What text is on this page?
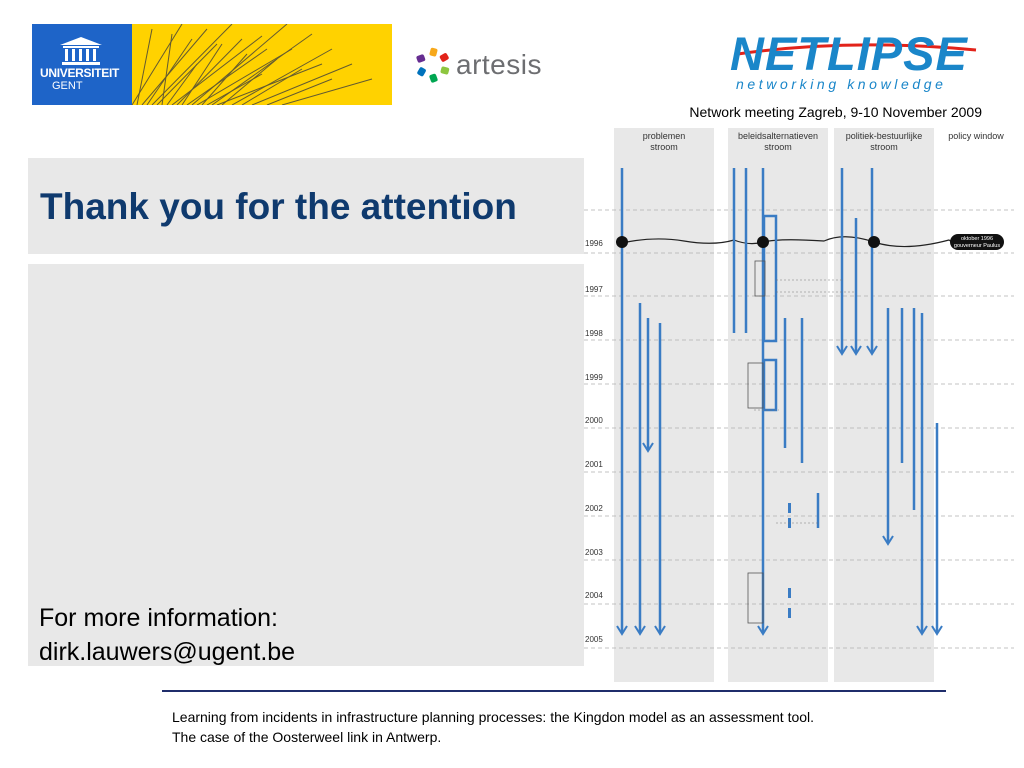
UNIVERSITEIT
GENT
artesis	NETLIPSE
networking knowledge
Network meeting Zagreb, 9-10 November 2009
Thank you for the attention
For more information:
dirk.lauwers@ugent.be
problemen
stroom
beleidsalternatieven
stroom
politiek-bestuurlijke
stroom
policy window
1996
1997
1998
1999
2000
2001
2002
2003
2004
2005
oktober 1996
gouverneur Paulus
Learning from incidents in infrastructure planning processes: the Kingdon model as an assessment tool.
The case of the Oosterweel link in Antwerp.
